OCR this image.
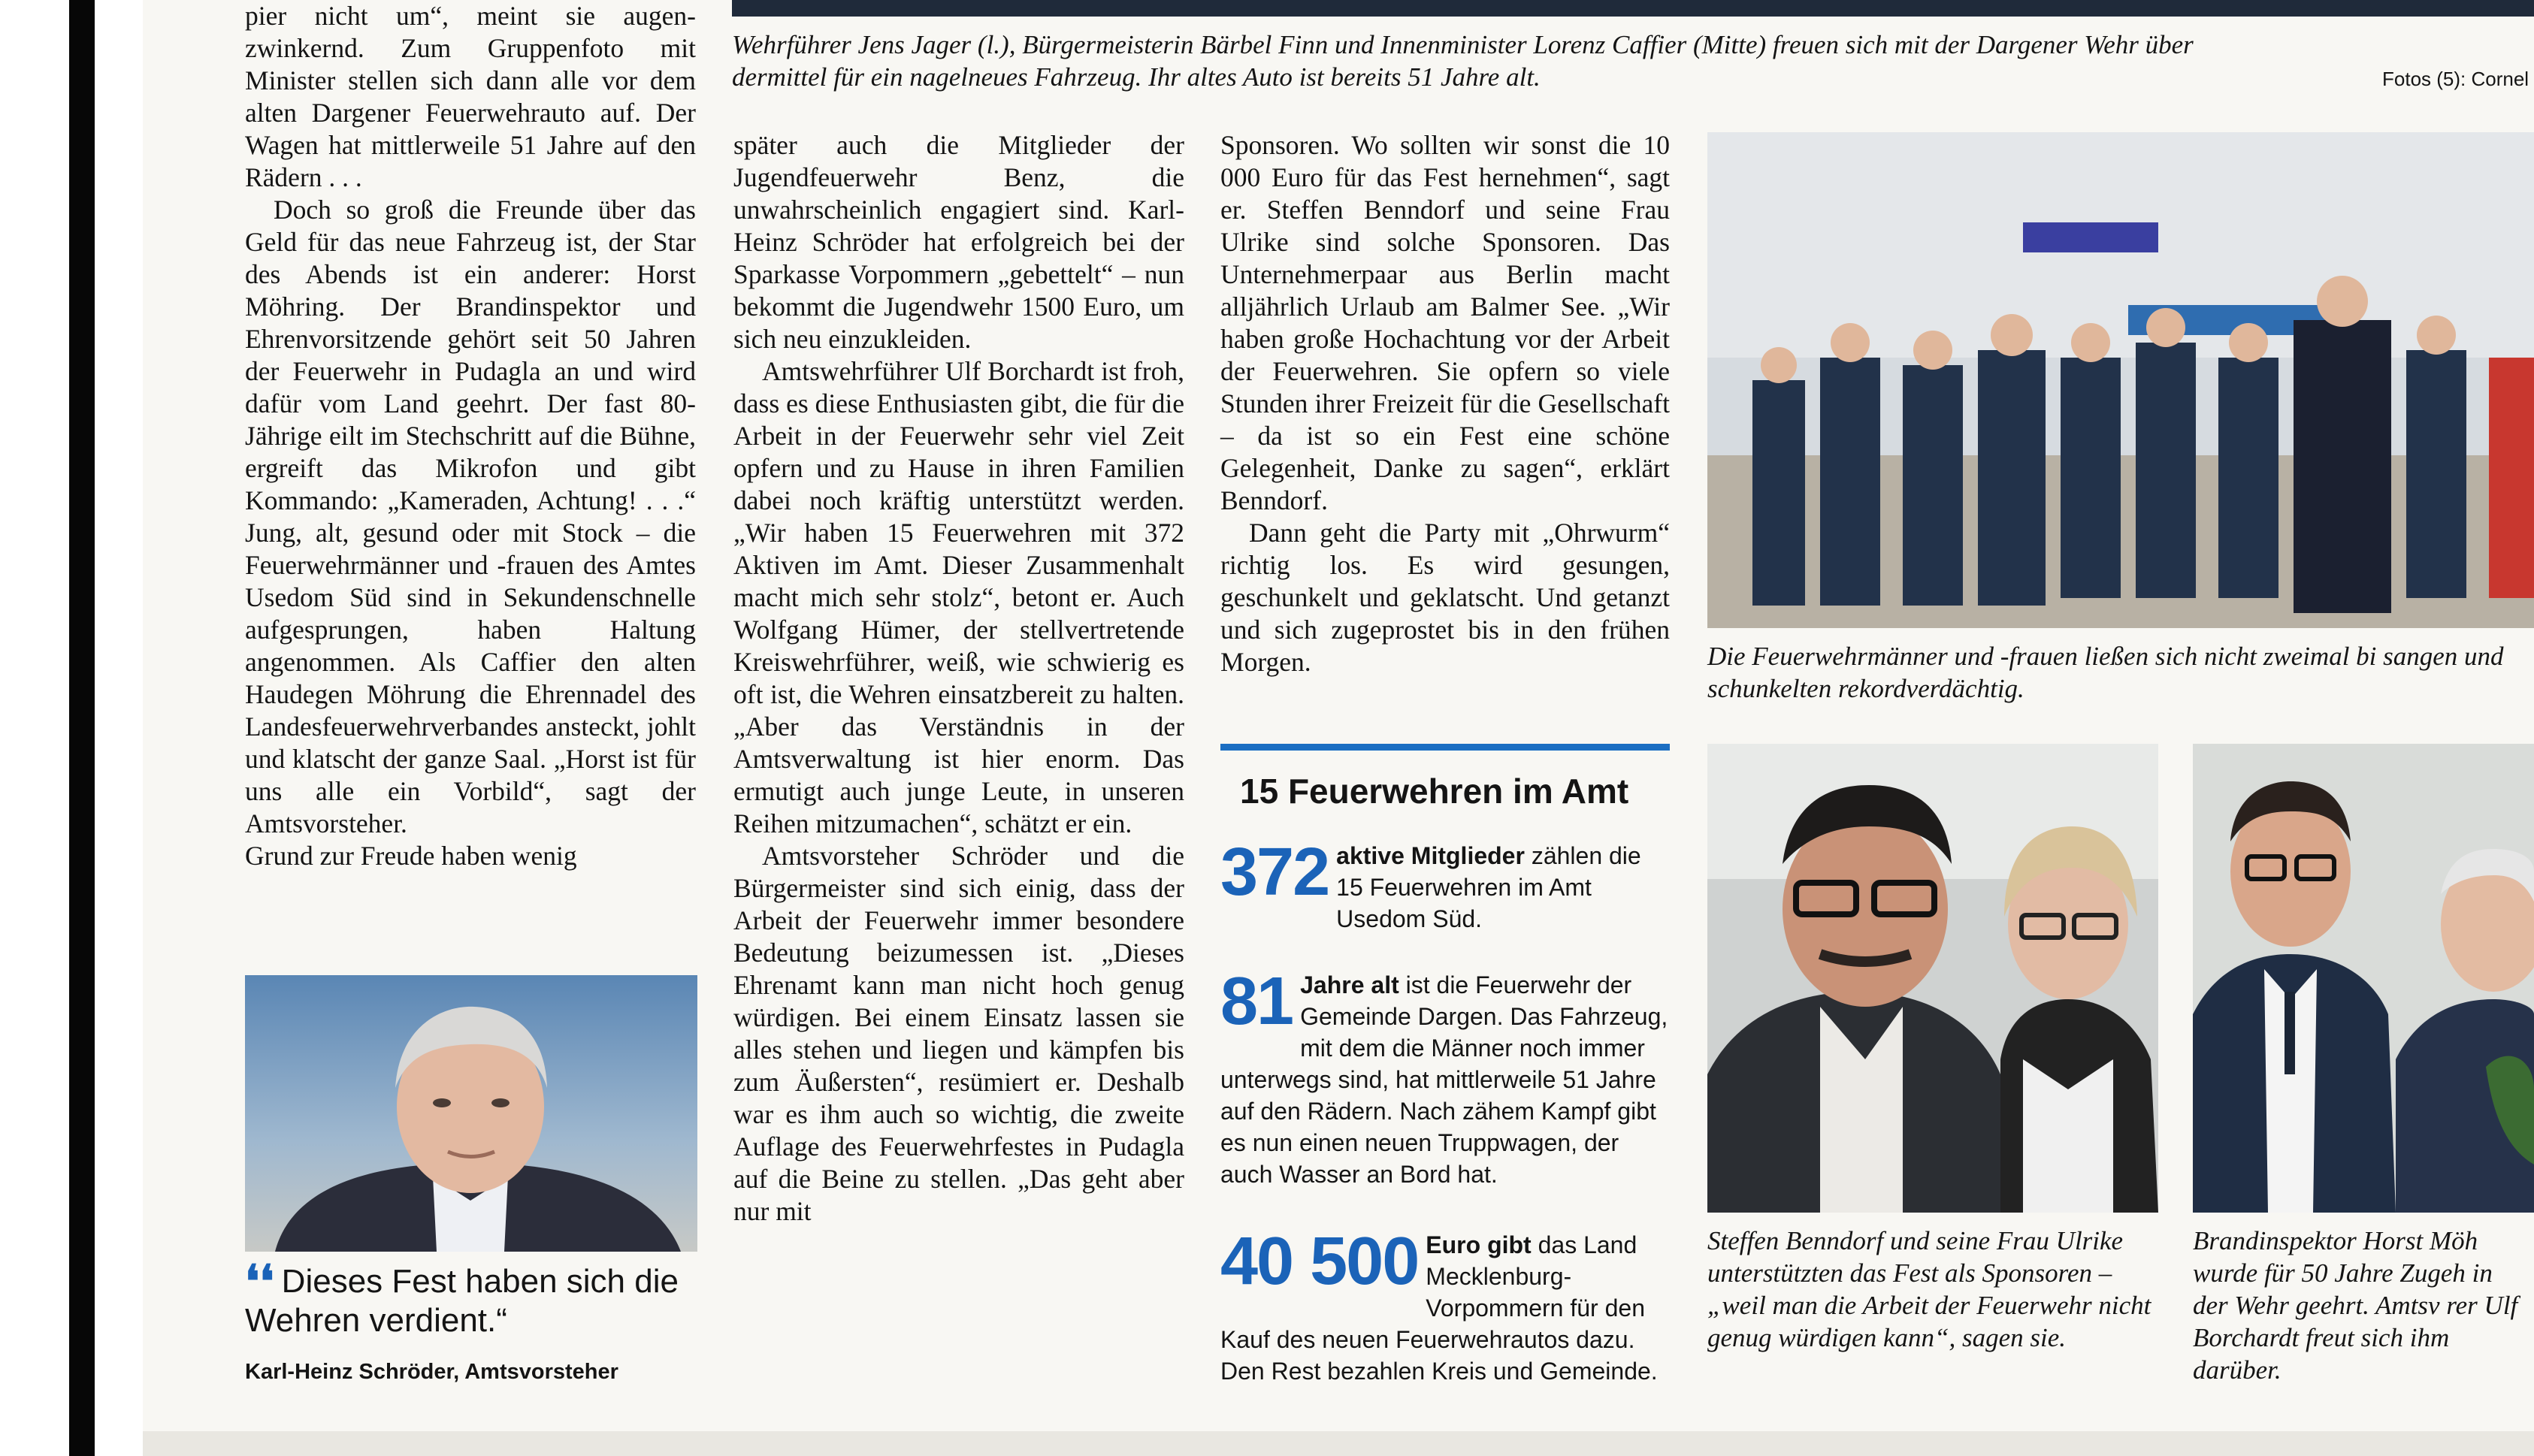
pier nicht um“, meint sie augen-zwinkernd. Zum Gruppenfoto mit Minister stellen sich dann alle vor dem alten Dargener Feuerwehrauto auf. Der Wagen hat mittlerweile 51 Jahre auf den Rädern . . .

Doch so groß die Freunde über das Geld für das neue Fahrzeug ist, der Star des Abends ist ein anderer: Horst Möhring. Der Brandinspektor und Ehrenvorsitzende gehört seit 50 Jahren der Feuerwehr in Pudagla an und wird dafür vom Land geehrt. Der fast 80-Jährige eilt im Stechschritt auf die Bühne, ergreift das Mikrofon und gibt Kommando: „Kameraden, Achtung! . . .“ Jung, alt, gesund oder mit Stock – die Feuerwehrmänner und -frauen des Amtes Usedom Süd sind in Sekundenschnelle aufgesprungen, haben Haltung angenommen. Als Caffier den alten Haudegen Möhrung die Ehrennadel des Landesfeuerwehrverbandes ansteckt, johlt und klatscht der ganze Saal. „Horst ist für uns alle ein Vorbild“, sagt der Amtsvorsteher.

Grund zur Freude haben wenig

❛❛ Dieses Fest haben sich die Wehren verdient.“
Karl-Heinz Schröder, Amtsvorsteher

später auch die Mitglieder der Jugendfeuerwehr Benz, die unwahrscheinlich engagiert sind. Karl-Heinz Schröder hat erfolgreich bei der Sparkasse Vorpommern „gebettelt“ – nun bekommt die Jugendwehr 1500 Euro, um sich neu einzukleiden.

Amtswehrführer Ulf Borchardt ist froh, dass es diese Enthusiasten gibt, die für die Arbeit in der Feuerwehr sehr viel Zeit opfern und zu Hause in ihren Familien dabei noch kräftig unterstützt werden. „Wir haben 15 Feuerwehren mit 372 Aktiven im Amt. Dieser Zusammenhalt macht mich sehr stolz“, betont er. Auch Wolfgang Hümer, der stellvertretende Kreiswehrführer, weiß, wie schwierig es oft ist, die Wehren einsatzbereit zu halten. „Aber das Verständnis in der Amtsverwaltung ist hier enorm. Das ermutigt auch junge Leute, in unseren Reihen mitzumachen“, schätzt er ein.

Amtsvorsteher Schröder und die Bürgermeister sind sich einig, dass der Arbeit der Feuerwehr immer besondere Bedeutung beizumessen ist. „Dieses Ehrenamt kann man nicht hoch genug würdigen. Bei einem Einsatz lassen sie alles stehen und liegen und kämpfen bis zum Äußersten“, resümiert er. Deshalb war es ihm auch so wichtig, die zweite Auflage des Feuerwehrfestes in Pudagla auf die Beine zu stellen. „Das geht aber nur mit

Sponsoren. Wo sollten wir sonst die 10 000 Euro für das Fest hernehmen“, sagt er. Steffen Benndorf und seine Frau Ulrike sind solche Sponsoren. Das Unternehmerpaar aus Berlin macht alljährlich Urlaub am Balmer See. „Wir haben große Hochachtung vor der Arbeit der Feuerwehren. Sie opfern so viele Stunden ihrer Freizeit für die Gesellschaft – da ist so ein Fest eine schöne Gelegenheit, Danke zu sagen“, erklärt Benndorf.

Dann geht die Party mit „Ohrwurm“ richtig los. Es wird gesungen, geschunkelt und geklatscht. Und getanzt und sich zugeprostet bis in den frühen Morgen.

Wehrführer Jens Jager (l.), Bürgermeisterin Bärbel Finn und Innenminister Lorenz Caffier (Mitte) freuen sich mit der Dargener Wehr über
dermittel für ein nagelneues Fahrzeug. Ihr altes Auto ist bereits 51 Jahre alt.	Fotos (5): Cornel
Die Feuerwehrmänner und -frauen ließen sich nicht zweimal bi sangen und schunkelten rekordverdächtig.
15 Feuerwehren im Amt
372 aktive Mitglieder zählen die 15 Feuerwehren im Amt Usedom Süd.
81 Jahre alt ist die Feuerwehr der Gemeinde Dargen. Das Fahrzeug, mit dem die Männer noch immer unterwegs sind, hat mittlerweile 51 Jahre auf den Rädern. Nach zähem Kampf gibt es nun einen neuen Truppwagen, der auch Wasser an Bord hat.
40 500 Euro gibt das Land Mecklenburg-Vorpommern für den Kauf des neuen Feuerwehrautos dazu. Den Rest bezahlen Kreis und Gemeinde.
Steffen Benndorf und seine Frau Ulrike unterstützten das Fest als Sponsoren – „weil man die Arbeit der Feuerwehr nicht genug würdigen kann“, sagen sie.
Brandinspektor Horst Möh wurde für 50 Jahre Zugeh in der Wehr geehrt. Amtsv rer Ulf Borchardt freut sich ihm darüber.
